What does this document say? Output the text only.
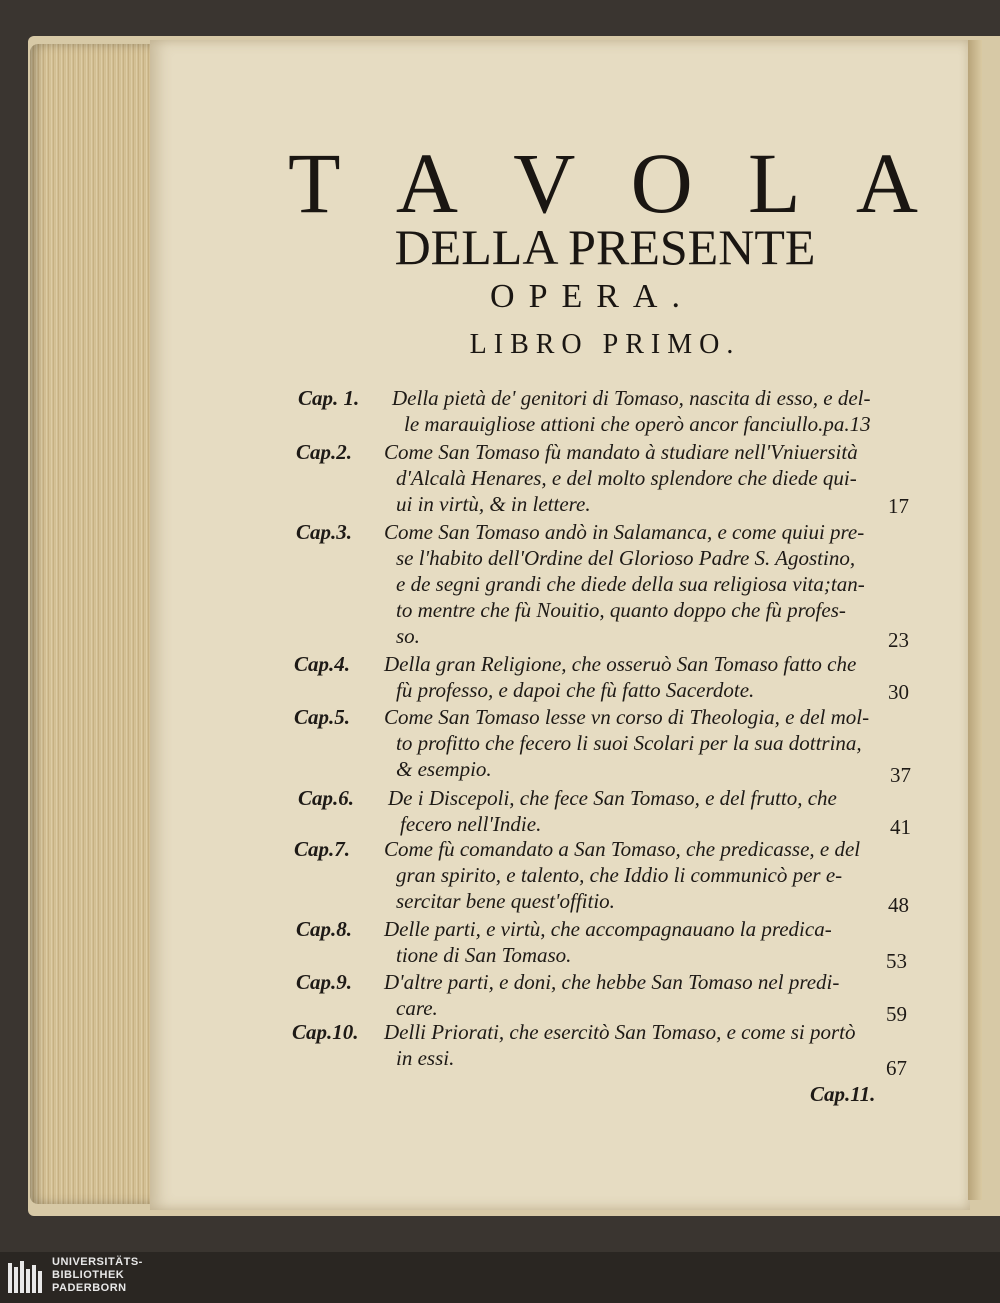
T A V O L A
DELLA PRESENTE
OPERA.
LIBRO PRIMO.
Cap. 1. Della pietà de' genitori di Tomaso, nascita di esso, e del-
le marauigliose attioni che operò ancor fanciullo.pa.13
Cap.2. Come San Tomaso fù mandato à studiare nell'Vniuersità
d'Alcalà Henares, e del molto splendore che diede qui-
ui in virtù, & in lettere.	17
Cap.3. Come San Tomaso andò in Salamanca, e come quiui pre-
se l'habito dell'Ordine del Glorioso Padre S. Agostino,
e de segni grandi che diede della sua religiosa vita;tan-
to mentre che fù Nouitio, quanto doppo che fù profes-
so.	23
Cap.4. Della gran Religione, che osseruò San Tomaso fatto che
fù professo, e dapoi che fù fatto Sacerdote.	30
Cap.5. Come San Tomaso lesse vn corso di Theologia, e del mol-
to profitto che fecero li suoi Scolari per la sua dottrina,
& esempio.	37
Cap.6. De i Discepoli, che fece San Tomaso, e del frutto, che
fecero nell'Indie.	41
Cap.7. Come fù comandato a San Tomaso, che predicasse, e del
gran spirito, e talento, che Iddio li communicò per e-
sercitar bene quest'offitio.	48
Cap.8. Delle parti, e virtù, che accompagnauano la predica-
tione di San Tomaso.	53
Cap.9. D'altre parti, e doni, che hebbe San Tomaso nel predi-
care.	59
Cap.10. Delli Priorati, che esercitò San Tomaso, e come si portò
in essi.	67
Cap.11.
UNIVERSITÄTS-
BIBLIOTHEK
PADERBORN
